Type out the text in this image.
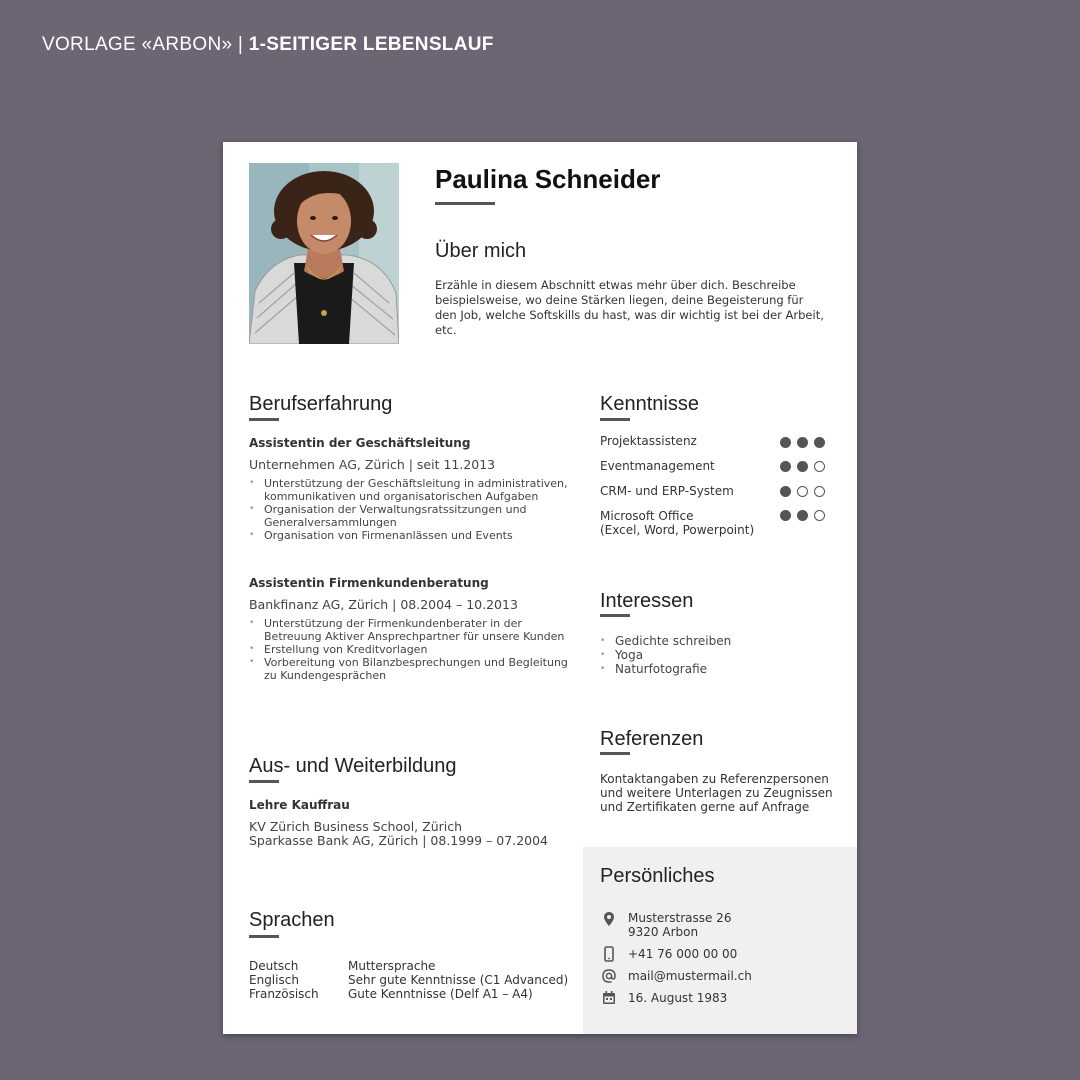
VORLAGE «ARBON» | 1-SEITIGER LEBENSLAUF
Paulina Schneider
Über mich
Erzähle in diesem Abschnitt etwas mehr über dich. Beschreibe beispielsweise, wo deine Stärken liegen, deine Begeisterung für den Job, welche Softskills du hast, was dir wichtig ist bei der Arbeit, etc.
Berufserfahrung
Assistentin der Geschäftsleitung
Unternehmen AG, Zürich | seit 11.2013
• Unterstützung der Geschäftsleitung in administrativen, kommunikativen und organisatorischen Aufgaben
• Organisation der Verwaltungsratssitzungen und Generalversammlungen
• Organisation von Firmenanlässen und Events
Assistentin Firmenkundenberatung
Bankfinanz AG, Zürich | 08.2004 – 10.2013
• Unterstützung der Firmenkundenberater in der Betreuung Aktiver Ansprechpartner für unsere Kunden
• Erstellung von Kreditvorlagen
• Vorbereitung von Bilanzbesprechungen und Begleitung zu Kundengesprächen
Aus- und Weiterbildung
Lehre Kauffrau
KV Zürich Business School, Zürich
Sparkasse Bank AG, Zürich | 08.1999 – 07.2004
Sprachen
Deutsch	Muttersprache
Englisch	Sehr gute Kenntnisse (C1 Advanced)
Französisch Gute Kenntnisse (Delf A1 – A4)
Kenntnisse
Projektassistenz
Eventmanagement
CRM- und ERP-System
Microsoft Office
(Excel, Word, Powerpoint)
Interessen
• Gedichte schreiben
• Yoga
• Naturfotografie
Referenzen
Kontaktangaben zu Referenzpersonen und weitere Unterlagen zu Zeugnissen und Zertifikaten gerne auf Anfrage
Persönliches
Musterstrasse 26
9320 Arbon
+41 76 000 00 00
mail@mustermail.ch
16. August 1983
